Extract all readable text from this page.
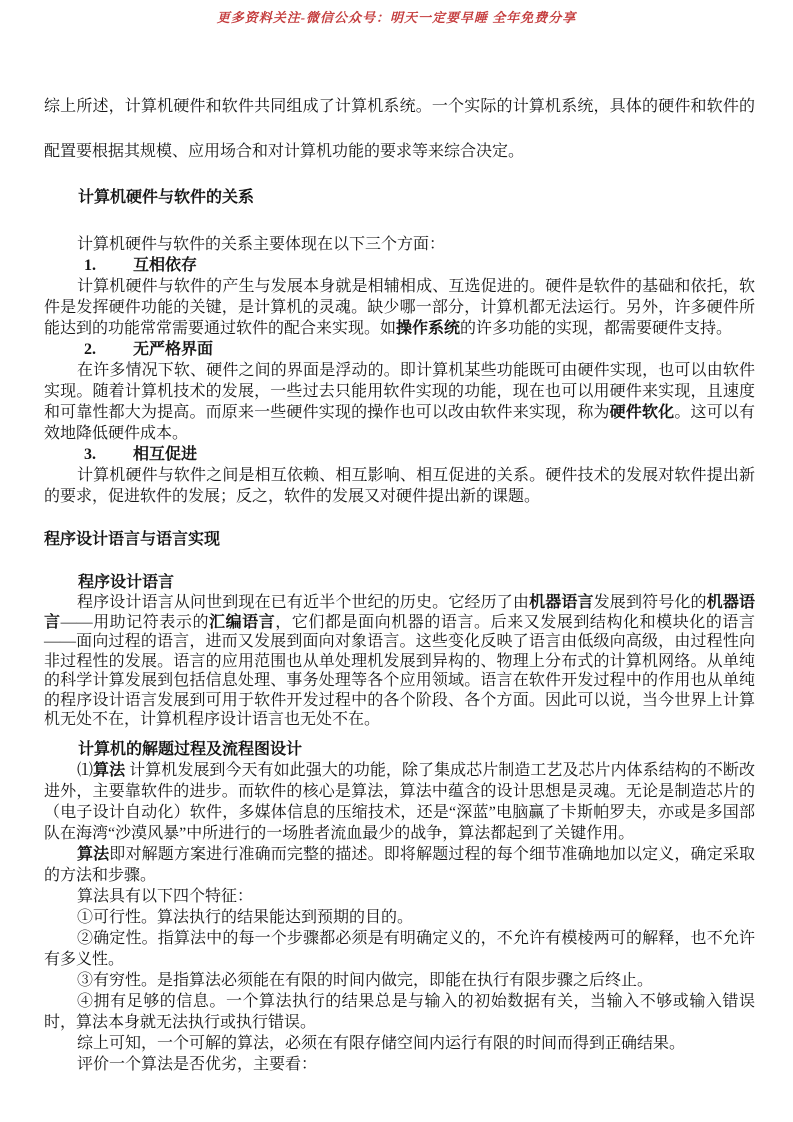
更多资料关注-微信公众号：明天一定要早睡 全年免费分享

综上所述，计算机硬件和软件共同组成了计算机系统。一个实际的计算机系统，具体的硬件和软件的配置要根据其规模、应用场合和对计算机功能的要求等来综合决定。

计算机硬件与软件的关系

计算机硬件与软件的关系主要体现在以下三个方面：

1. 互相依存

计算机硬件与软件的产生与发展本身就是相辅相成、互选促进的。硬件是软件的基础和依托，软件是发挥硬件功能的关键，是计算机的灵魂。缺少哪一部分，计算机都无法运行。另外，许多硬件所能达到的功能常常需要通过软件的配合来实现。如操作系统的许多功能的实现，都需要硬件支持。

2. 无严格界面

在许多情况下软、硬件之间的界面是浮动的。即计算机某些功能既可由硬件实现，也可以由软件实现。随着计算机技术的发展，一些过去只能用软件实现的功能，现在也可以用硬件来实现，且速度和可靠性都大为提高。而原来一些硬件实现的操作也可以改由软件来实现，称为硬件软化。这可以有效地降低硬件成本。

3. 相互促进

计算机硬件与软件之间是相互依赖、相互影响、相互促进的关系。硬件技术的发展对软件提出新的要求，促进软件的发展；反之，软件的发展又对硬件提出新的课题。

程序设计语言与语言实现
程序设计语言

程序设计语言从问世到现在已有近半个世纪的历史。它经历了由机器语言发展到符号化的机器语言——用助记符表示的汇编语言，它们都是面向机器的语言。后来又发展到结构化和模块化的语言——面向过程的语言，进而又发展到面向对象语言。这些变化反映了语言由低级向高级，由过程性向非过程性的发展。语言的应用范围也从单处理机发展到异构的、物理上分布式的计算机网络。从单纯的科学计算发展到包括信息处理、事务处理等各个应用领域。语言在软件开发过程中的作用也从单纯的程序设计语言发展到可用于软件开发过程中的各个阶段、各个方面。因此可以说，当今世界上计算机无处不在，计算机程序设计语言也无处不在。

计算机的解题过程及流程图设计

⑴算法 计算机发展到今天有如此强大的功能，除了集成芯片制造工艺及芯片内体系结构的不断改进外，主要靠软件的进步。而软件的核心是算法，算法中蕴含的设计思想是灵魂。无论是制造芯片的（电子设计自动化）软件，多媒体信息的压缩技术，还是“深蓝”电脑赢了卡斯帕罗夫，亦或是多国部队在海湾“沙漠风暴”中所进行的一场胜者流血最少的战争，算法都起到了关键作用。

算法即对解题方案进行准确而完整的描述。即将解题过程的每个细节准确地加以定义，确定采取的方法和步骤。

算法具有以下四个特征：

①可行性。算法执行的结果能达到预期的目的。

②确定性。指算法中的每一个步骤都必须是有明确定义的，不允许有模棱两可的解释，也不允许有多义性。

③有穷性。是指算法必须能在有限的时间内做完，即能在执行有限步骤之后终止。

④拥有足够的信息。一个算法执行的结果总是与输入的初始数据有关，当输入不够或输入错误时，算法本身就无法执行或执行错误。

综上可知，一个可解的算法，必须在有限存储空间内运行有限的时间而得到正确结果。

评价一个算法是否优劣，主要看：
